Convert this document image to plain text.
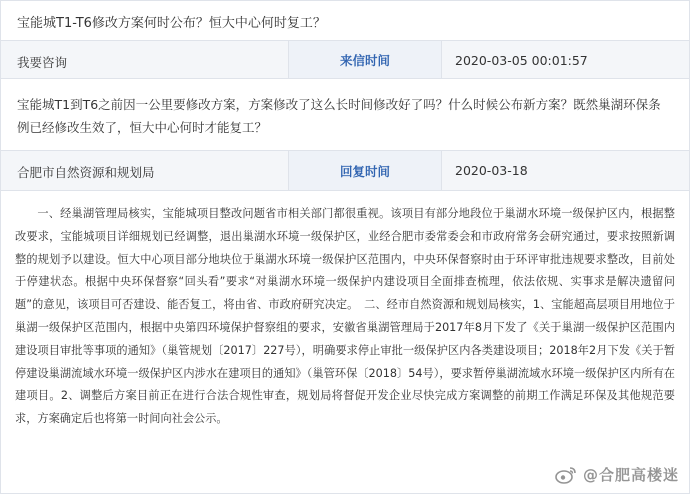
宝能城T1-T6修改方案何时公布？恒大中心何时复工？
我要咨询	来信时间	2020-03-05 00:01:57
宝能城T1到T6之前因一公里要修改方案，方案修改了这么长时间修改好了吗？什么时候公布新方案？既然巢湖环保条例已经修改生效了，恒大中心何时才能复工？
合肥市自然资源和规划局	回复时间	2020-03-18
一、经巢湖管理局核实，宝能城项目整改问题省市相关部门都很重视。该项目有部分地段位于巢湖水环境一级保护区内，根据整改要求，宝能城项目详细规划已经调整，退出巢湖水环境一级保护区，业经合肥市委常委会和市政府常务会研究通过，要求按照新调整的规划予以建设。恒大中心项目部分地块位于巢湖水环境一级保护区范围内，中央环保督察时由于环评审批违规要求整改，目前处于停建状态。根据中央环保督察“回头看”要求“对巢湖水环境一级保护内建设项目全面排查梳理，依法依规、实事求是解决遗留问题”的意见，该项目可否建设、能否复工，将由省、市政府研究决定。　二、经市自然资源和规划局核实，1、宝能超高层项目用地位于巢湖一级保护区范围内，根据中央第四环境保护督察组的要求，安徽省巢湖管理局于2017年8月下发了《关于巢湖一级保护区范围内建设项目审批等事项的通知》（巢管规划〔2017〕227号），明确要求停止审批一级保护区内各类建设项目；2018年2月下发《关于暂停建设巢湖流域水环境一级保护区内涉水在建项目的通知》（巢管环保〔2018〕54号），要求暂停巢湖流域水环境一级保护区内所有在建项目。2、调整后方案目前正在进行合法合规性审查，规划局将督促开发企业尽快完成方案调整的前期工作满足环保及其他规范要求，方案确定后也将第一时间向社会公示。
@合肥高楼迷
